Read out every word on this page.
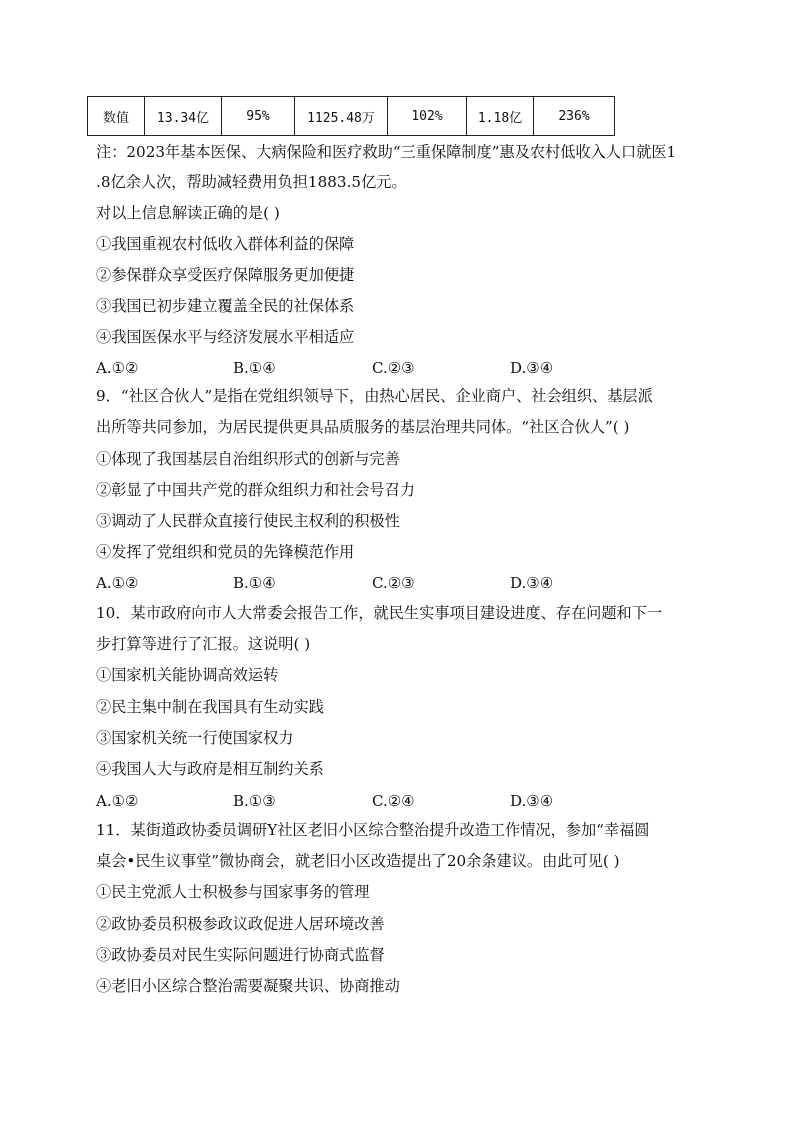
数值	13.34亿	95%	1125.48万	102%	1.18亿	236%
注：2023年基本医保、大病保险和医疗救助“三重保障制度”惠及农村低收入人口就医1
.8亿余人次，帮助减轻费用负担1883.5亿元。
对以上信息解读正确的是( )
①我国重视农村低收入群体利益的保障
②参保群众享受医疗保障服务更加便捷
③我国已初步建立覆盖全民的社保体系
④我国医保水平与经济发展水平相适应
A.①②	B.①④	C.②③	D.③④
9．“社区合伙人”是指在党组织领导下，由热心居民、企业商户、社会组织、基层派
出所等共同参加，为居民提供更具品质服务的基层治理共同体。“社区合伙人”( )
①体现了我国基层自治组织形式的创新与完善
②彰显了中国共产党的群众组织力和社会号召力
③调动了人民群众直接行使民主权利的积极性
④发挥了党组织和党员的先锋模范作用
A.①②	B.①④	C.②③	D.③④
10．某市政府向市人大常委会报告工作，就民生实事项目建设进度、存在问题和下一
步打算等进行了汇报。这说明( )
①国家机关能协调高效运转
②民主集中制在我国具有生动实践
③国家机关统一行使国家权力
④我国人大与政府是相互制约关系
A.①②	B.①③	C.②④	D.③④
11．某街道政协委员调研Y社区老旧小区综合整治提升改造工作情况，参加“幸福圆
桌会•民生议事堂”微协商会，就老旧小区改造提出了20余条建议。由此可见( )
①民主党派人士积极参与国家事务的管理
②政协委员积极参政议政促进人居环境改善
③政协委员对民生实际问题进行协商式监督
④老旧小区综合整治需要凝聚共识、协商推动
